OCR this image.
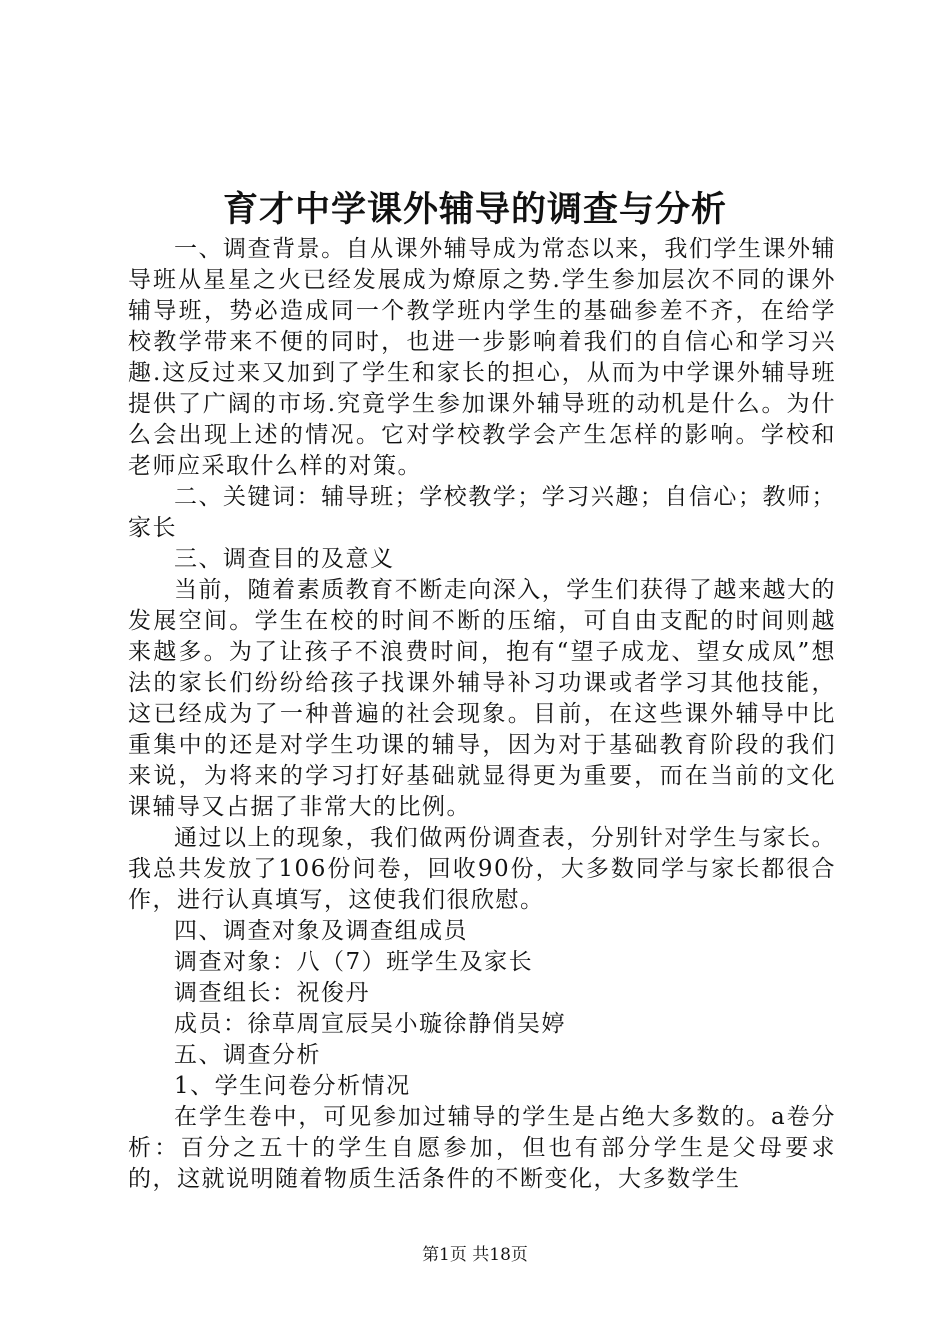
育才中学课外辅导的调查与分析

一、调查背景。自从课外辅导成为常态以来，我们学生课外辅导班从星星之火已经发展成为燎原之势.学生参加层次不同的课外辅导班，势必造成同一个教学班内学生的基础参差不齐，在给学校教学带来不便的同时，也进一步影响着我们的自信心和学习兴趣.这反过来又加到了学生和家长的担心，从而为中学课外辅导班提供了广阔的市场.究竟学生参加课外辅导班的动机是什么。为什么会出现上述的情况。它对学校教学会产生怎样的影响。学校和老师应采取什么样的对策。

二、关键词：辅导班；学校教学；学习兴趣；自信心；教师；家长

三、调查目的及意义

当前，随着素质教育不断走向深入，学生们获得了越来越大的发展空间。学生在校的时间不断的压缩，可自由支配的时间则越来越多。为了让孩子不浪费时间，抱有“望子成龙、望女成凤”想法的家长们纷纷给孩子找课外辅导补习功课或者学习其他技能，这已经成为了一种普遍的社会现象。目前，在这些课外辅导中比重集中的还是对学生功课的辅导，因为对于基础教育阶段的我们来说，为将来的学习打好基础就显得更为重要，而在当前的文化课辅导又占据了非常大的比例。

通过以上的现象，我们做两份调查表，分别针对学生与家长。我总共发放了106份问卷，回收90份，大多数同学与家长都很合作，进行认真填写，这使我们很欣慰。

四、调查对象及调查组成员

调查对象：八（7）班学生及家长

调查组长：祝俊丹

成员：徐草周宣辰吴小璇徐静俏吴婷

五、调查分析

1、学生问卷分析情况

在学生卷中，可见参加过辅导的学生是占绝大多数的。a卷分析：百分之五十的学生自愿参加，但也有部分学生是父母要求的，这就说明随着物质生活条件的不断变化，大多数学生

第1页 共18页
